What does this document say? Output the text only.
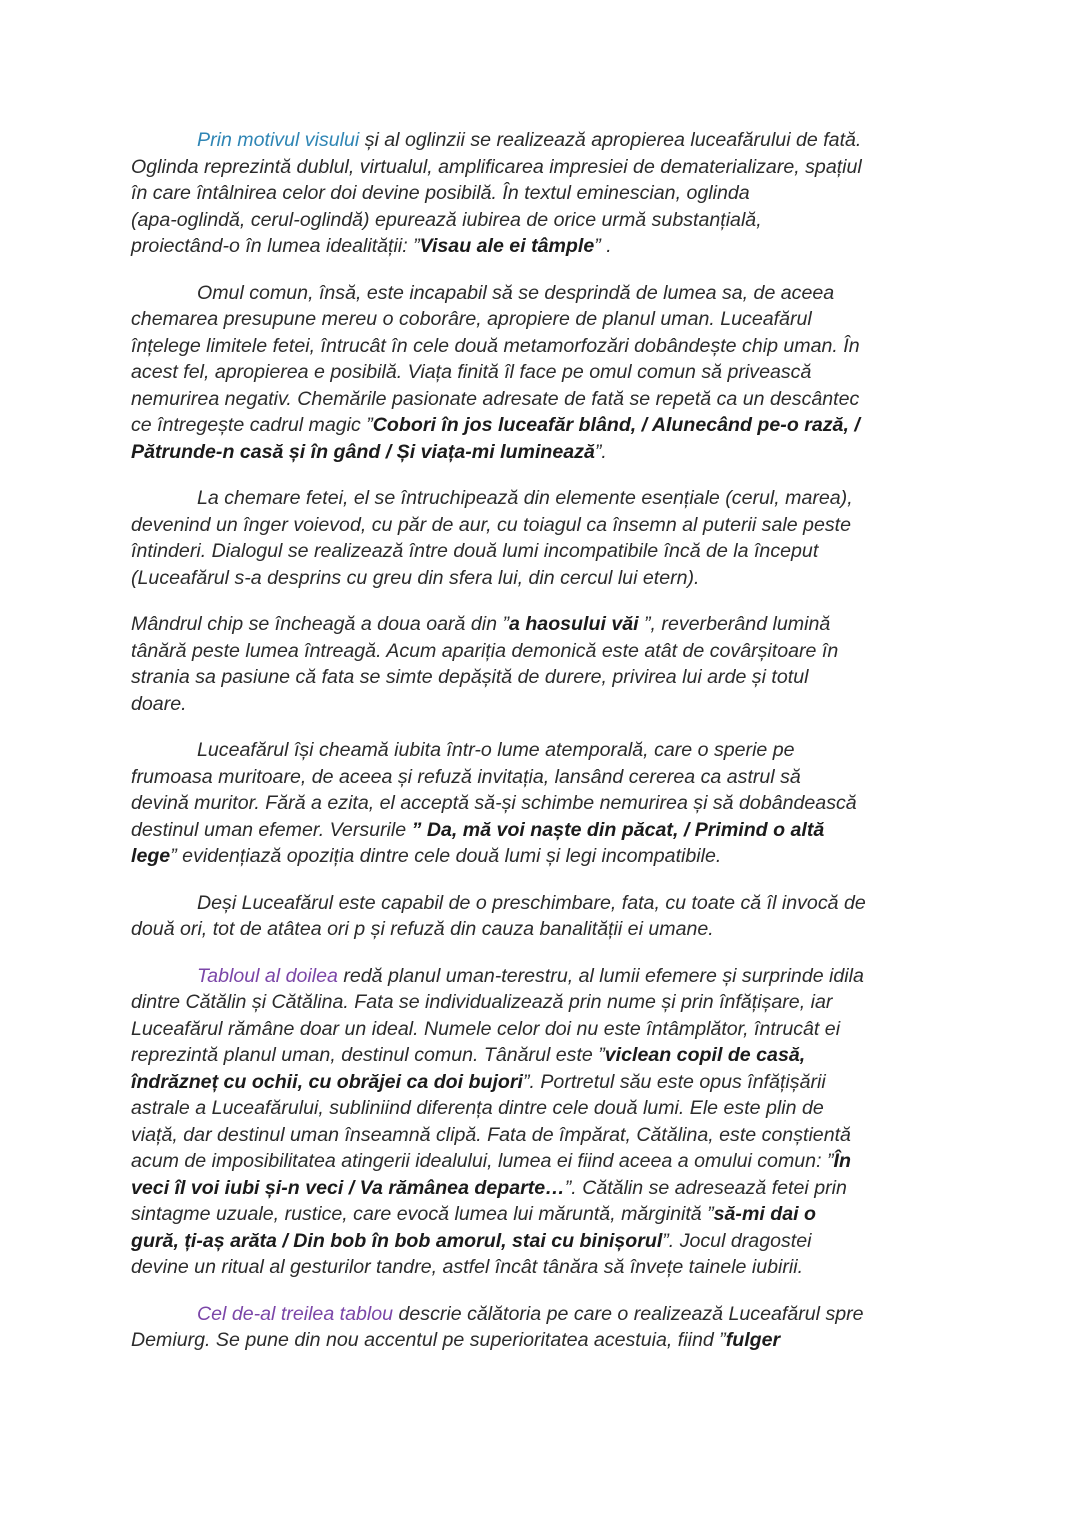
Prin motivul visului și al oglinzii se realizează apropierea luceafărului de fată.
Oglinda reprezintă dublul, virtualul, amplificarea impresiei de dematerializare, spațiul
în care întâlnirea celor doi devine posibilă. În textul eminescian, oglinda
(apa-oglindă, cerul-oglindă) epurează iubirea de orice urmă substanțială,
proiectând-o în lumea idealității: ”Visau ale ei tâmple” .

Omul comun, însă, este incapabil să se desprindă de lumea sa, de aceea
chemarea presupune mereu o coborâre, apropiere de planul uman. Luceafărul
înțelege limitele fetei, întrucât în cele două metamorfozări dobândește chip uman. În
acest fel, apropierea e posibilă. Viața finită îl face pe omul comun să privească
nemurirea negativ. Chemările pasionate adresate de fată se repetă ca un descântec
ce întregește cadrul magic ”Cobori în jos luceafăr blând, / Alunecând pe-o rază, /
Pătrunde-n casă și în gând / Și viața-mi luminează”.

La chemare fetei, el se întruchipează din elemente esențiale (cerul, marea),
devenind un înger voievod, cu păr de aur, cu toiagul ca însemn al puterii sale peste
întinderi. Dialogul se realizează între două lumi incompatibile încă de la început
(Luceafărul s-a desprins cu greu din sfera lui, din cercul lui etern).

Mândrul chip se încheagă a doua oară din ”a haosului văi ”, reverberând lumină
tânără peste lumea întreagă. Acum apariția demonică este atât de covârșitoare în
strania sa pasiune că fata se simte depășită de durere, privirea lui arde și totul
doare.

Luceafărul își cheamă iubita într-o lume atemporală, care o sperie pe
frumoasa muritoare, de aceea și refuză invitația, lansând cererea ca astrul să
devină muritor. Fără a ezita, el acceptă să-și schimbe nemurirea și să dobândească
destinul uman efemer. Versurile ” Da, mă voi naște din păcat, / Primind o altă
lege” evidențiază opoziția dintre cele două lumi și legi incompatibile.

Deși Luceafărul este capabil de o preschimbare, fata, cu toate că îl invocă de
două ori, tot de atâtea ori p și refuză din cauza banalității ei umane.

Tabloul al doilea redă planul uman-terestru, al lumii efemere și surprinde idila
dintre Cătălin și Cătălina. Fata se individualizează prin nume și prin înfățișare, iar
Luceafărul rămâne doar un ideal. Numele celor doi nu este întâmplător, întrucât ei
reprezintă planul uman, destinul comun. Tânărul este ”viclean copil de casă,
îndrăzneț cu ochii, cu obrăjei ca doi bujori”. Portretul său este opus înfățișării
astrale a Luceafărului, subliniind diferența dintre cele două lumi. Ele este plin de
viață, dar destinul uman înseamnă clipă. Fata de împărat, Cătălina, este conștientă
acum de imposibilitatea atingerii idealului, lumea ei fiind aceea a omului comun: ”În
veci îl voi iubi și-n veci / Va rămânea departe…”. Cătălin se adresează fetei prin
sintagme uzuale, rustice, care evocă lumea lui măruntă, mărginită ”să-mi dai o
gură, ți-aș arăta / Din bob în bob amorul, stai cu binișorul”. Jocul dragostei
devine un ritual al gesturilor tandre, astfel încât tânăra să învețe tainele iubirii.

Cel de-al treilea tablou descrie călătoria pe care o realizează Luceafărul spre
Demiurg. Se pune din nou accentul pe superioritatea acestuia, fiind ”fulger
